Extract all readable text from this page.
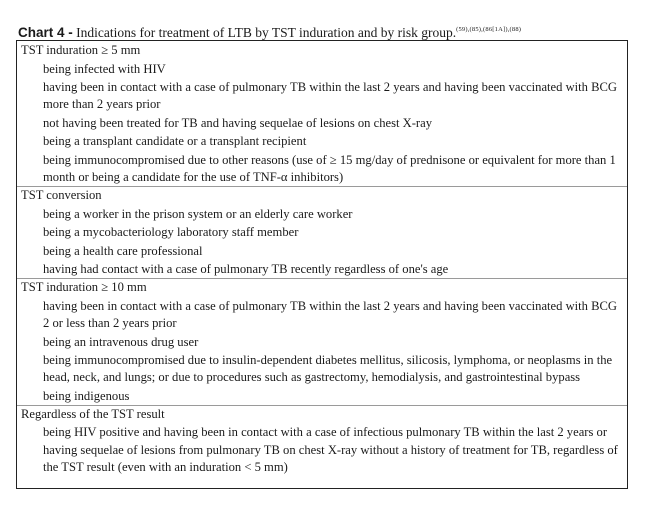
Chart 4 - Indications for treatment of LTB by TST induration and by risk group.$^{(59),(85),(86[1A]),(88)}$
TST induration ≥ 5 mm
being infected with HIV
having been in contact with a case of pulmonary TB within the last 2 years and having been vaccinated with BCG more than 2 years prior
not having been treated for TB and having sequelae of lesions on chest X-ray
being a transplant candidate or a transplant recipient
being immunocompromised due to other reasons (use of ≥ 15 mg/day of prednisone or equivalent for more than 1 month or being a candidate for the use of TNF-α inhibitors)
TST conversion
being a worker in the prison system or an elderly care worker
being a mycobacteriology laboratory staff member
being a health care professional
having had contact with a case of pulmonary TB recently regardless of one's age
TST induration ≥ 10 mm
having been in contact with a case of pulmonary TB within the last 2 years and having been vaccinated with BCG 2 or less than 2 years prior
being an intravenous drug user
being immunocompromised due to insulin-dependent diabetes mellitus, silicosis, lymphoma, or neoplasms in the head, neck, and lungs; or due to procedures such as gastrectomy, hemodialysis, and gastrointestinal bypass
being indigenous
Regardless of the TST result
being HIV positive and having been in contact with a case of infectious pulmonary TB within the last 2 years or having sequelae of lesions from pulmonary TB on chest X-ray without a history of treatment for TB, regardless of the TST result (even with an induration < 5 mm)
